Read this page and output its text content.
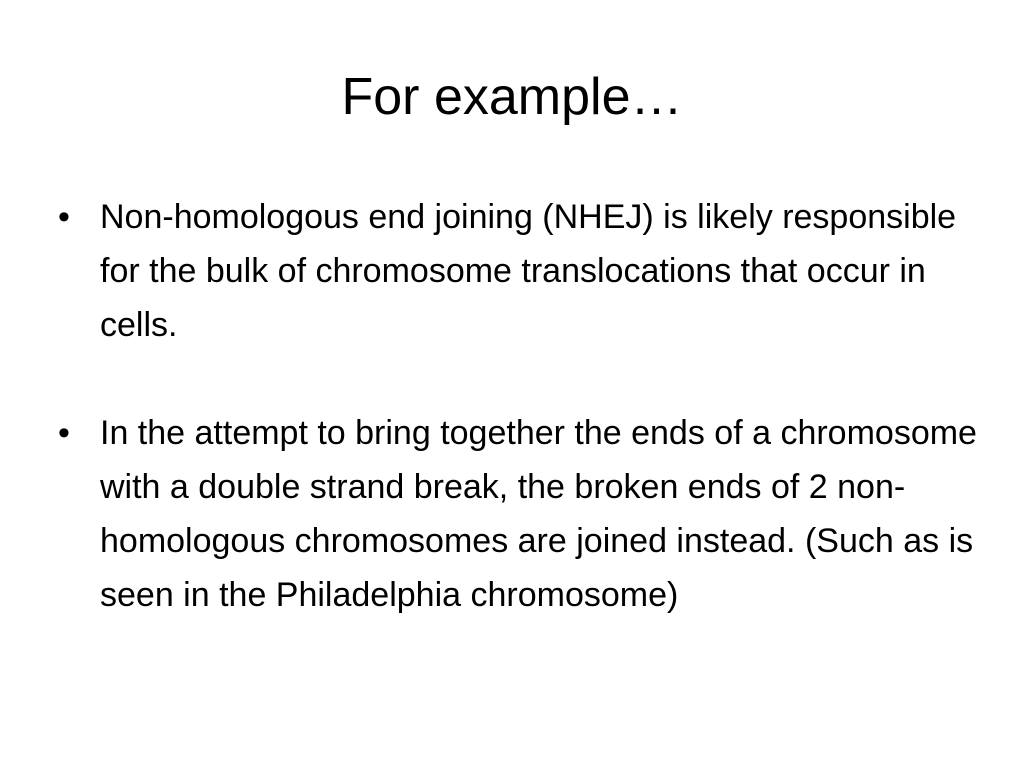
For example…
• Non-homologous end joining (NHEJ) is likely responsible for the bulk of chromosome translocations that occur in cells.
• In the attempt to bring together the ends of a chromosome with a double strand break, the broken ends of 2 non-homologous chromosomes are joined instead. (Such as is seen in the Philadelphia chromosome)
